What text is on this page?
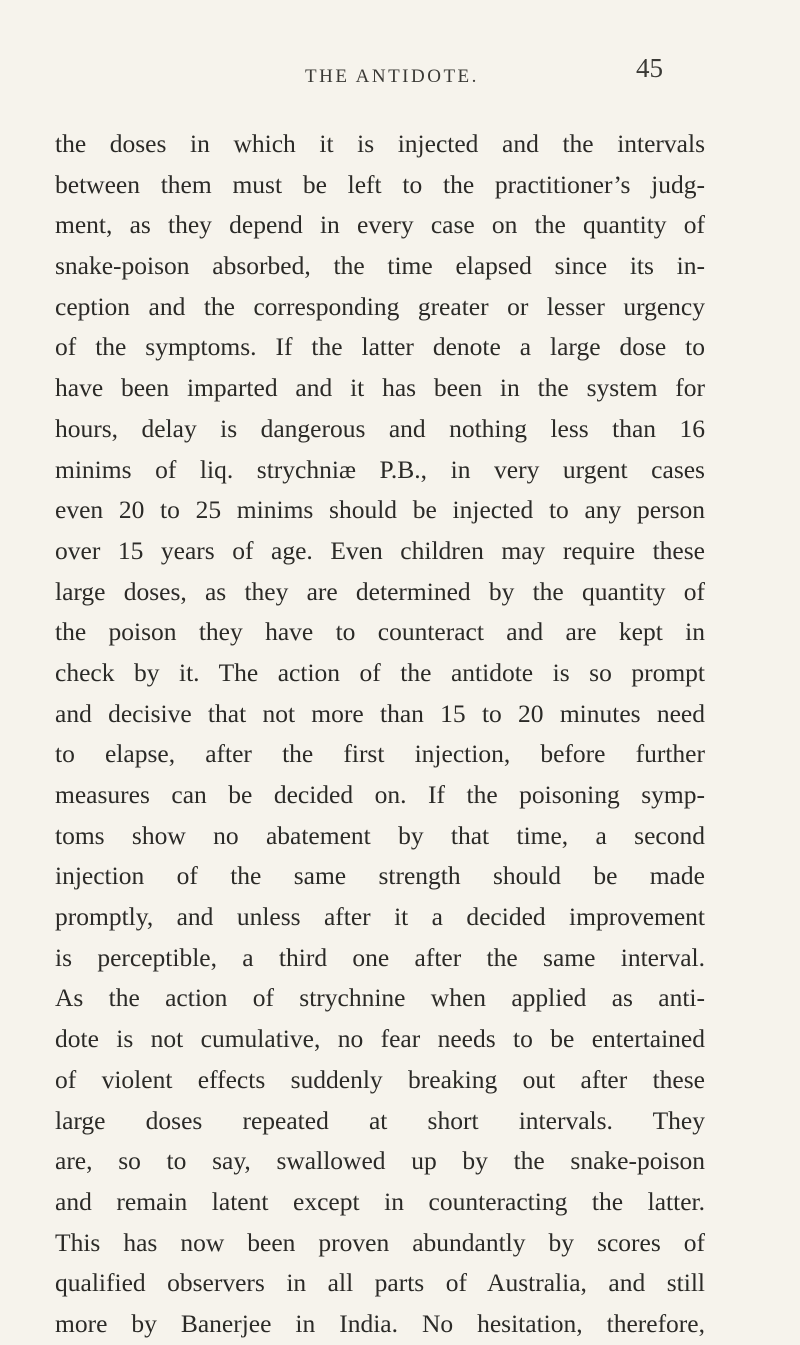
THE ANTIDOTE.	45
the doses in which it is injected and the intervals
between them must be left to the practitioner’s judg-
ment, as they depend in every case on the quantity of
snake-poison absorbed, the time elapsed since its in-
ception and the corresponding greater or lesser urgency
of the symptoms. If the latter denote a large dose to
have been imparted and it has been in the system for
hours, delay is dangerous and nothing less than 16
minims of liq. strychniæ P.B., in very urgent cases
even 20 to 25 minims should be injected to any person
over 15 years of age. Even children may require these
large doses, as they are determined by the quantity of
the poison they have to counteract and are kept in
check by it. The action of the antidote is so prompt
and decisive that not more than 15 to 20 minutes need
to elapse, after the first injection, before further
measures can be decided on. If the poisoning symp-
toms show no abatement by that time, a second
injection of the same strength should be made
promptly, and unless after it a decided improvement
is perceptible, a third one after the same interval.
As the action of strychnine when applied as anti-
dote is not cumulative, no fear needs to be entertained
of violent effects suddenly breaking out after these
large doses repeated at short intervals. They
are, so to say, swallowed up by the snake-poison
and remain latent except in counteracting the latter.
This has now been proven abundantly by scores of
qualified observers in all parts of Australia, and still
more by Banerjee in India. No hesitation, therefore,
